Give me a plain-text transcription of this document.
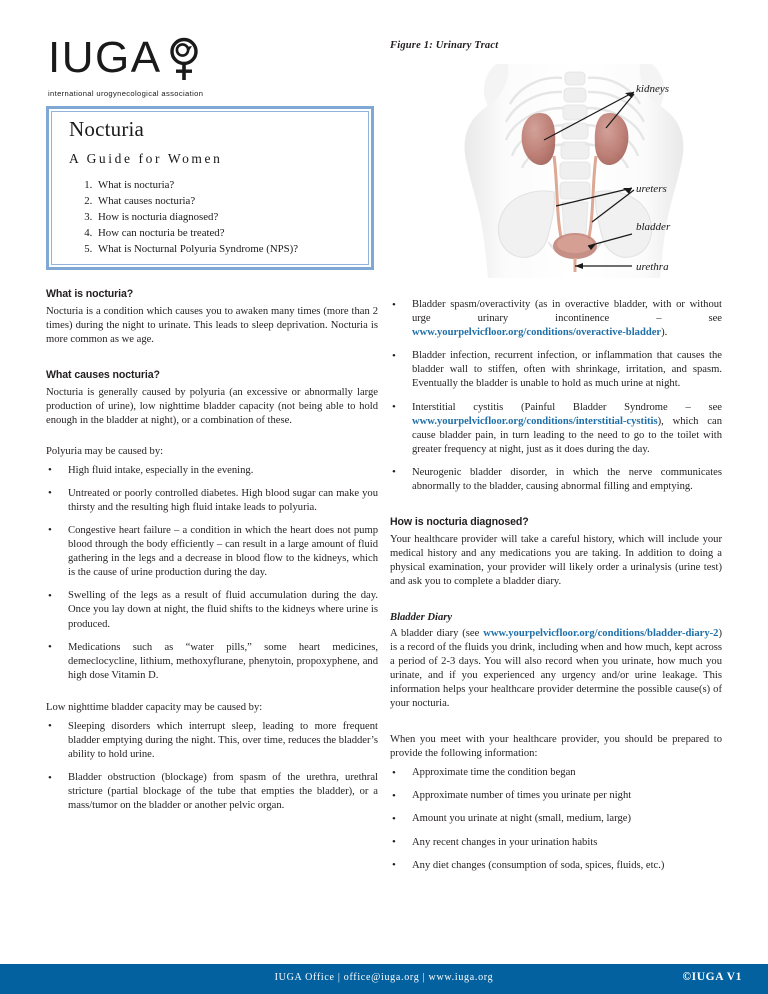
IUGA
international urogynecological association
Nocturia
A Guide for Women
1. What is nocturia?
2. What causes nocturia?
3. How is nocturia diagnosed?
4. How can nocturia be treated?
5. What is Nocturnal Polyuria Syndrome (NPS)?
Figure 1: Urinary Tract
kidneys
ureters
bladder
urethra
What is nocturia?

Nocturia is a condition which causes you to awaken many times (more than 2 times) during the night to urinate. This leads to sleep deprivation. Nocturia is more common as we age.

What causes nocturia?

Nocturia is generally caused by polyuria (an excessive or abnormally large production of urine), low nighttime bladder capacity (not being able to hold enough in the bladder at night), or a combination of these.

Polyuria may be caused by:

• High fluid intake, especially in the evening.
• Untreated or poorly controlled diabetes. High blood sugar can make you thirsty and the resulting high fluid intake leads to polyuria.
• Congestive heart failure – a condition in which the heart does not pump blood through the body efficiently – can result in a large amount of fluid gathering in the legs and a decrease in blood flow to the kidneys, which is the cause of urine production during the day.
• Swelling of the legs as a result of fluid accumulation during the day. Once you lay down at night, the fluid shifts to the kidneys where urine is produced.
• Medications such as “water pills,” some heart medicines, demeclocycline, lithium, methoxyflurane, phenytoin, propoxyphene, and high dose Vitamin D.

Low nighttime bladder capacity may be caused by:

• Sleeping disorders which interrupt sleep, leading to more frequent bladder emptying during the night. This, over time, reduces the bladder’s ability to hold urine.
• Bladder obstruction (blockage) from spasm of the urethra, urethral stricture (partial blockage of the tube that empties the bladder), or a mass/tumor on the bladder or another pelvic organ.
• Bladder spasm/overactivity (as in overactive bladder, with or without urge urinary incontinence – see www.yourpelvicfloor.org/conditions/overactive-bladder).
• Bladder infection, recurrent infection, or inflammation that causes the bladder wall to stiffen, often with shrinkage, irritation, and spasm. Eventually the bladder is unable to hold as much urine at night.
• Interstitial cystitis (Painful Bladder Syndrome – see www.yourpelvicfloor.org/conditions/interstitial-cystitis), which can cause bladder pain, in turn leading to the need to go to the toilet with greater frequency at night, just as it does during the day.
• Neurogenic bladder disorder, in which the nerve communicates abnormally to the bladder, causing abnormal filling and emptying.
How is nocturia diagnosed?

Your healthcare provider will take a careful history, which will include your medical history and any medications you are taking. In addition to doing a physical examination, your provider will likely order a urinalysis (urine test) and ask you to complete a bladder diary.

Bladder Diary

A bladder diary (see www.yourpelvicfloor.org/conditions/bladder-diary-2) is a record of the fluids you drink, including when and how much, kept across a period of 2-3 days. You will also record when you urinate, how much you urinate, and if you experienced any urgency and/or urine leakage. This information helps your healthcare provider determine the possible cause(s) of your nocturia.

When you meet with your healthcare provider, you should be prepared to provide the following information:

• Approximate time the condition began
• Approximate number of times you urinate per night
• Amount you urinate at night (small, medium, large)
• Any recent changes in your urination habits
• Any diet changes (consumption of soda, spices, fluids, etc.)
IUGA Office | office@iuga.org | www.iuga.org	©IUGA V1
